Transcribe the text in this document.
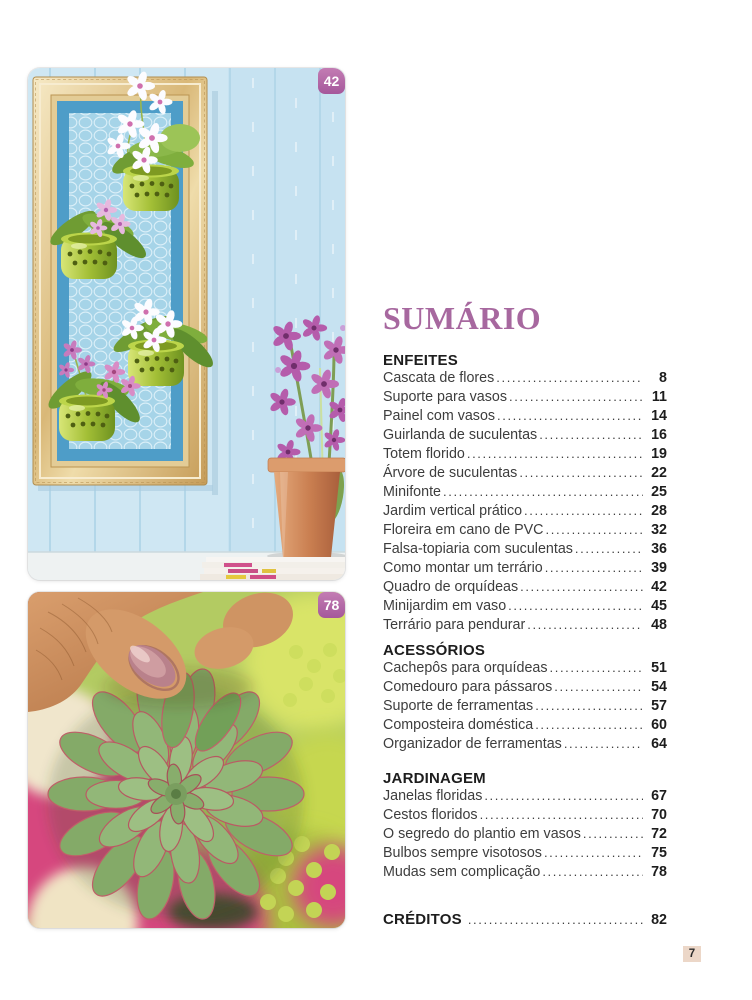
42
78
SUMÁRIO
ENFEITES
Cascata de flores .....	8
Suporte para vasos .....	11
Painel com vasos .....	14
Guirlanda de suculentas .....	16
Totem florido .....	19
Árvore de suculentas .....	22
Minifonte .....	25
Jardim vertical prático .....	28
Floreira em cano de PVC .....	32
Falsa-topiaria com suculentas .....	36
Como montar um terrário .....	39
Quadro de orquídeas .....	42
Minijardim em vaso .....	45
Terrário para pendurar .....	48
ACESSÓRIOS
Cachepôs para orquídeas .....	51
Comedouro para pássaros .....	54
Suporte de ferramentas .....	57
Composteira doméstica .....	60
Organizador de ferramentas .....	64
JARDINAGEM
Janelas floridas .....	67
Cestos floridos .....	70
O segredo do plantio em vasos .....	72
Bulbos sempre visotosos .....	75
Mudas sem complicação .....	78
CRÉDITOS .....	82
7
